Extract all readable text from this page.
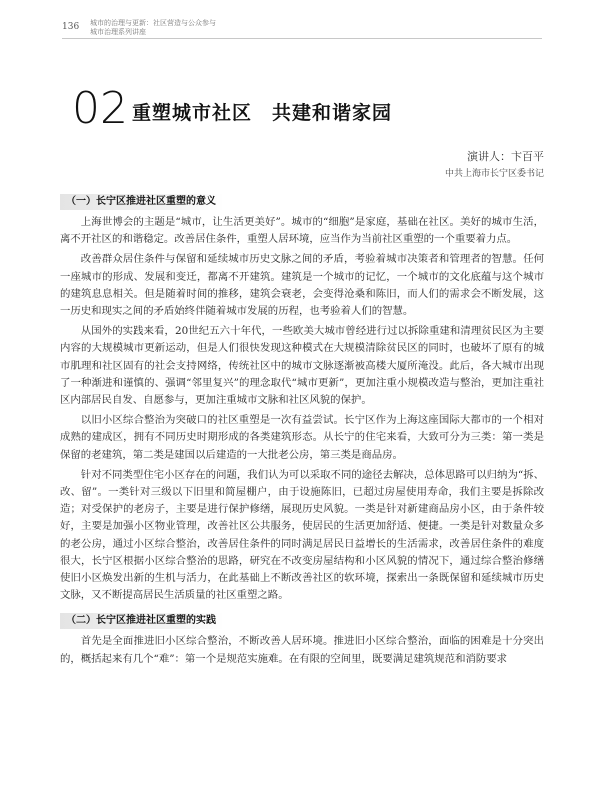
136 城市的治理与更新：社区营造与公众参与
城市治理系列讲座
02 重塑城市社区　共建和谐家园
演讲人：卞百平
中共上海市长宁区委书记
（一）长宁区推进社区重塑的意义

上海世博会的主题是“城市，让生活更美好”。城市的“细胞”是家庭，基础在社区。美好的城市生活，离不开社区的和谐稳定。改善居住条件，重塑人居环境，应当作为当前社区重塑的一个重要着力点。

改善群众居住条件与保留和延续城市历史文脉之间的矛盾，考验着城市决策者和管理者的智慧。任何一座城市的形成、发展和变迁，都离不开建筑。建筑是一个城市的记忆，一个城市的文化底蕴与这个城市的建筑息息相关。但是随着时间的推移，建筑会衰老，会变得沧桑和陈旧，而人们的需求会不断发展，这一历史和现实之间的矛盾始终伴随着城市发展的历程，也考验着人们的智慧。

从国外的实践来看，20世纪五六十年代，一些欧美大城市曾经进行过以拆除重建和清理贫民区为主要内容的大规模城市更新运动，但是人们很快发现这种模式在大规模清除贫民区的同时，也破坏了原有的城市肌理和社区固有的社会支持网络，传统社区中的城市文脉逐渐被高楼大厦所淹没。此后，各大城市出现了一种渐进和谨慎的、强调“邻里复兴”的理念取代“城市更新”，更加注重小规模改造与整治，更加注重社区内部居民自发、自愿参与，更加注重城市文脉和社区风貌的保护。

以旧小区综合整治为突破口的社区重塑是一次有益尝试。长宁区作为上海这座国际大都市的一个相对成熟的建成区，拥有不同历史时期形成的各类建筑形态。从长宁的住宅来看，大致可分为三类：第一类是保留的老建筑，第二类是建国以后建造的一大批老公房，第三类是商品房。

针对不同类型住宅小区存在的问题，我们认为可以采取不同的途径去解决，总体思路可以归纳为“拆、改、留”。一类针对三级以下旧里和简屋棚户，由于设施陈旧，已超过房屋使用寿命，我们主要是拆除改造；对受保护的老房子，主要是进行保护修缮，展现历史风貌。一类是针对新建商品房小区，由于条件较好，主要是加强小区物业管理，改善社区公共服务，使居民的生活更加舒适、便捷。一类是针对数量众多的老公房，通过小区综合整治，改善居住条件的同时满足居民日益增长的生活需求，改善居住条件的难度很大，长宁区根据小区综合整治的思路，研究在不改变房屋结构和小区风貌的情况下，通过综合整治修缮使旧小区焕发出新的生机与活力，在此基础上不断改善社区的软环境，探索出一条既保留和延续城市历史文脉，又不断提高居民生活质量的社区重塑之路。

（二）长宁区推进社区重塑的实践

首先是全面推进旧小区综合整治，不断改善人居环境。推进旧小区综合整治，面临的困难是十分突出的，概括起来有几个“难”：第一个是规范实施难。在有限的空间里，既要满足建筑规范和消防要求
